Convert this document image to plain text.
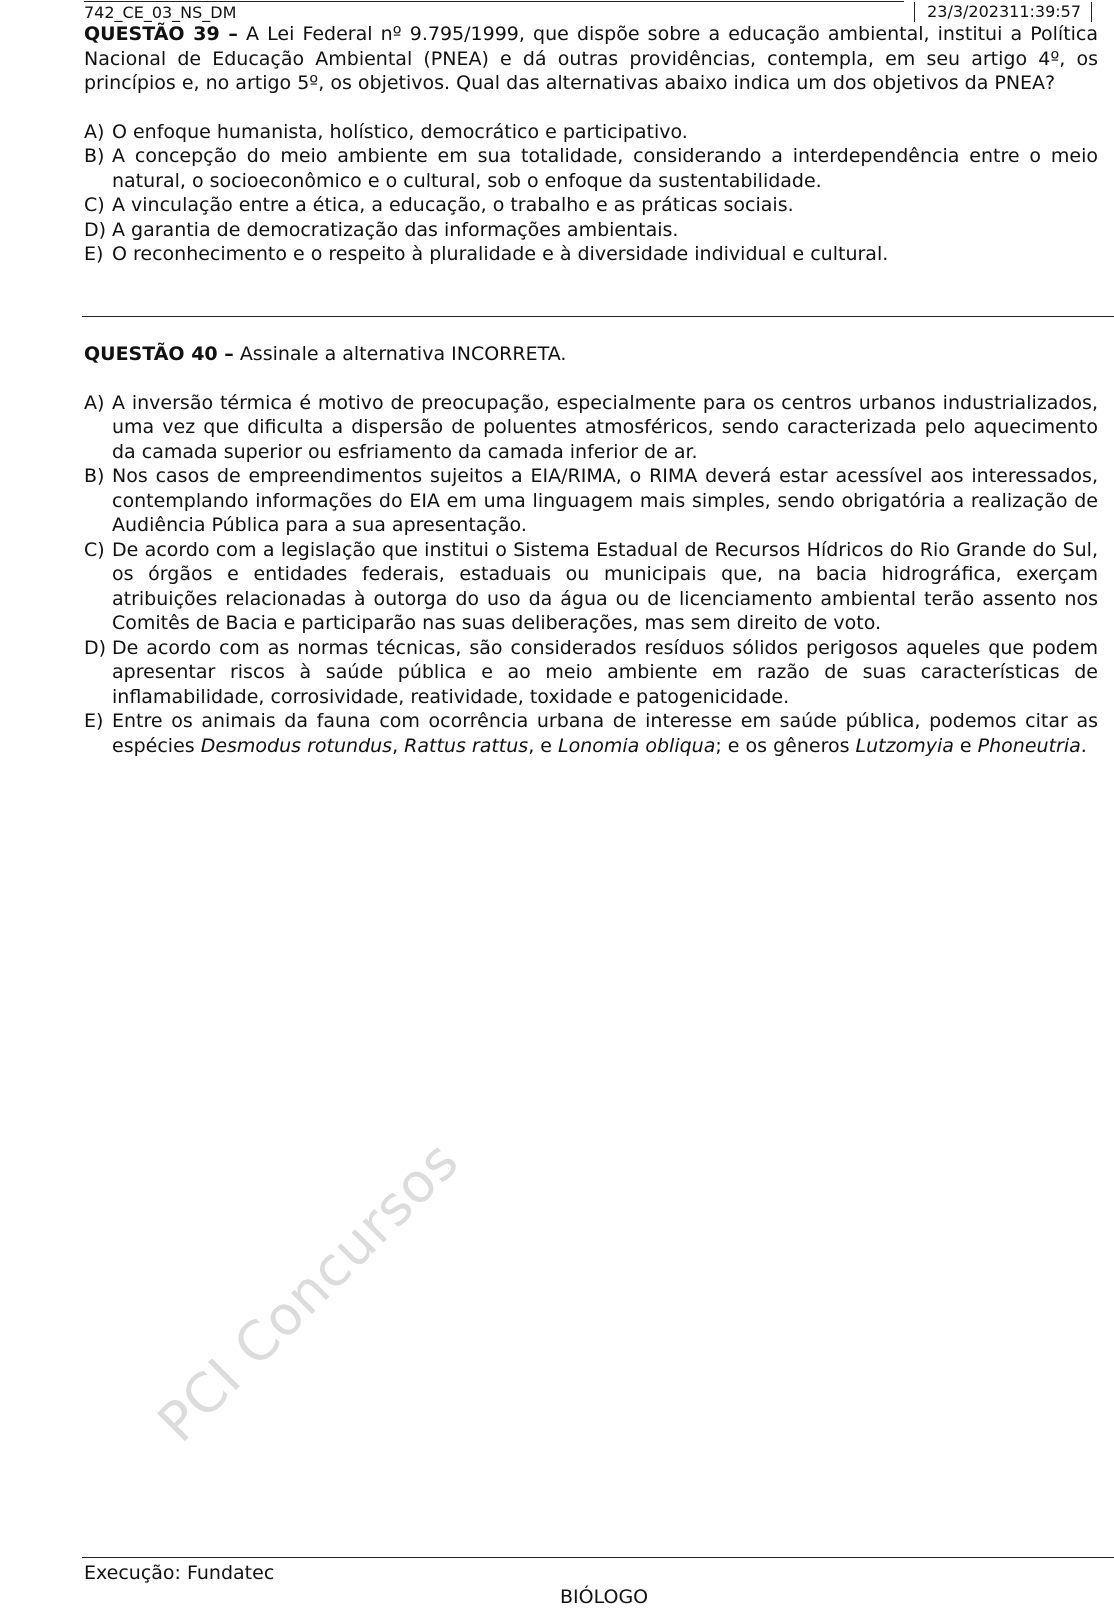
742_CE_03_NS_DM	23/3/202311:39:57

QUESTÃO 39 – A Lei Federal nº 9.795/1999, que dispõe sobre a educação ambiental, institui a Política Nacional de Educação Ambiental (PNEA) e dá outras providências, contempla, em seu artigo 4º, os princípios e, no artigo 5º, os objetivos. Qual das alternativas abaixo indica um dos objetivos da PNEA?

A) O enfoque humanista, holístico, democrático e participativo.
B) A concepção do meio ambiente em sua totalidade, considerando a interdependência entre o meio natural, o socioeconômico e o cultural, sob o enfoque da sustentabilidade.
C) A vinculação entre a ética, a educação, o trabalho e as práticas sociais.
D) A garantia de democratização das informações ambientais.
E) O reconhecimento e o respeito à pluralidade e à diversidade individual e cultural.

QUESTÃO 40 – Assinale a alternativa INCORRETA.

A) A inversão térmica é motivo de preocupação, especialmente para os centros urbanos industrializados, uma vez que dificulta a dispersão de poluentes atmosféricos, sendo caracterizada pelo aquecimento da camada superior ou esfriamento da camada inferior de ar.
B) Nos casos de empreendimentos sujeitos a EIA/RIMA, o RIMA deverá estar acessível aos interessados, contemplando informações do EIA em uma linguagem mais simples, sendo obrigatória a realização de Audiência Pública para a sua apresentação.
C) De acordo com a legislação que institui o Sistema Estadual de Recursos Hídricos do Rio Grande do Sul, os órgãos e entidades federais, estaduais ou municipais que, na bacia hidrográfica, exerçam atribuições relacionadas à outorga do uso da água ou de licenciamento ambiental terão assento nos Comitês de Bacia e participarão nas suas deliberações, mas sem direito de voto.
D) De acordo com as normas técnicas, são considerados resíduos sólidos perigosos aqueles que podem apresentar riscos à saúde pública e ao meio ambiente em razão de suas características de inflamabilidade, corrosividade, reatividade, toxidade e patogenicidade.
E) Entre os animais da fauna com ocorrência urbana de interesse em saúde pública, podemos citar as espécies Desmodus rotundus, Rattus rattus, e Lonomia obliqua; e os gêneros Lutzomyia e Phoneutria.
PCI Concursos
Execução: Fundatec
BIÓLOGO
